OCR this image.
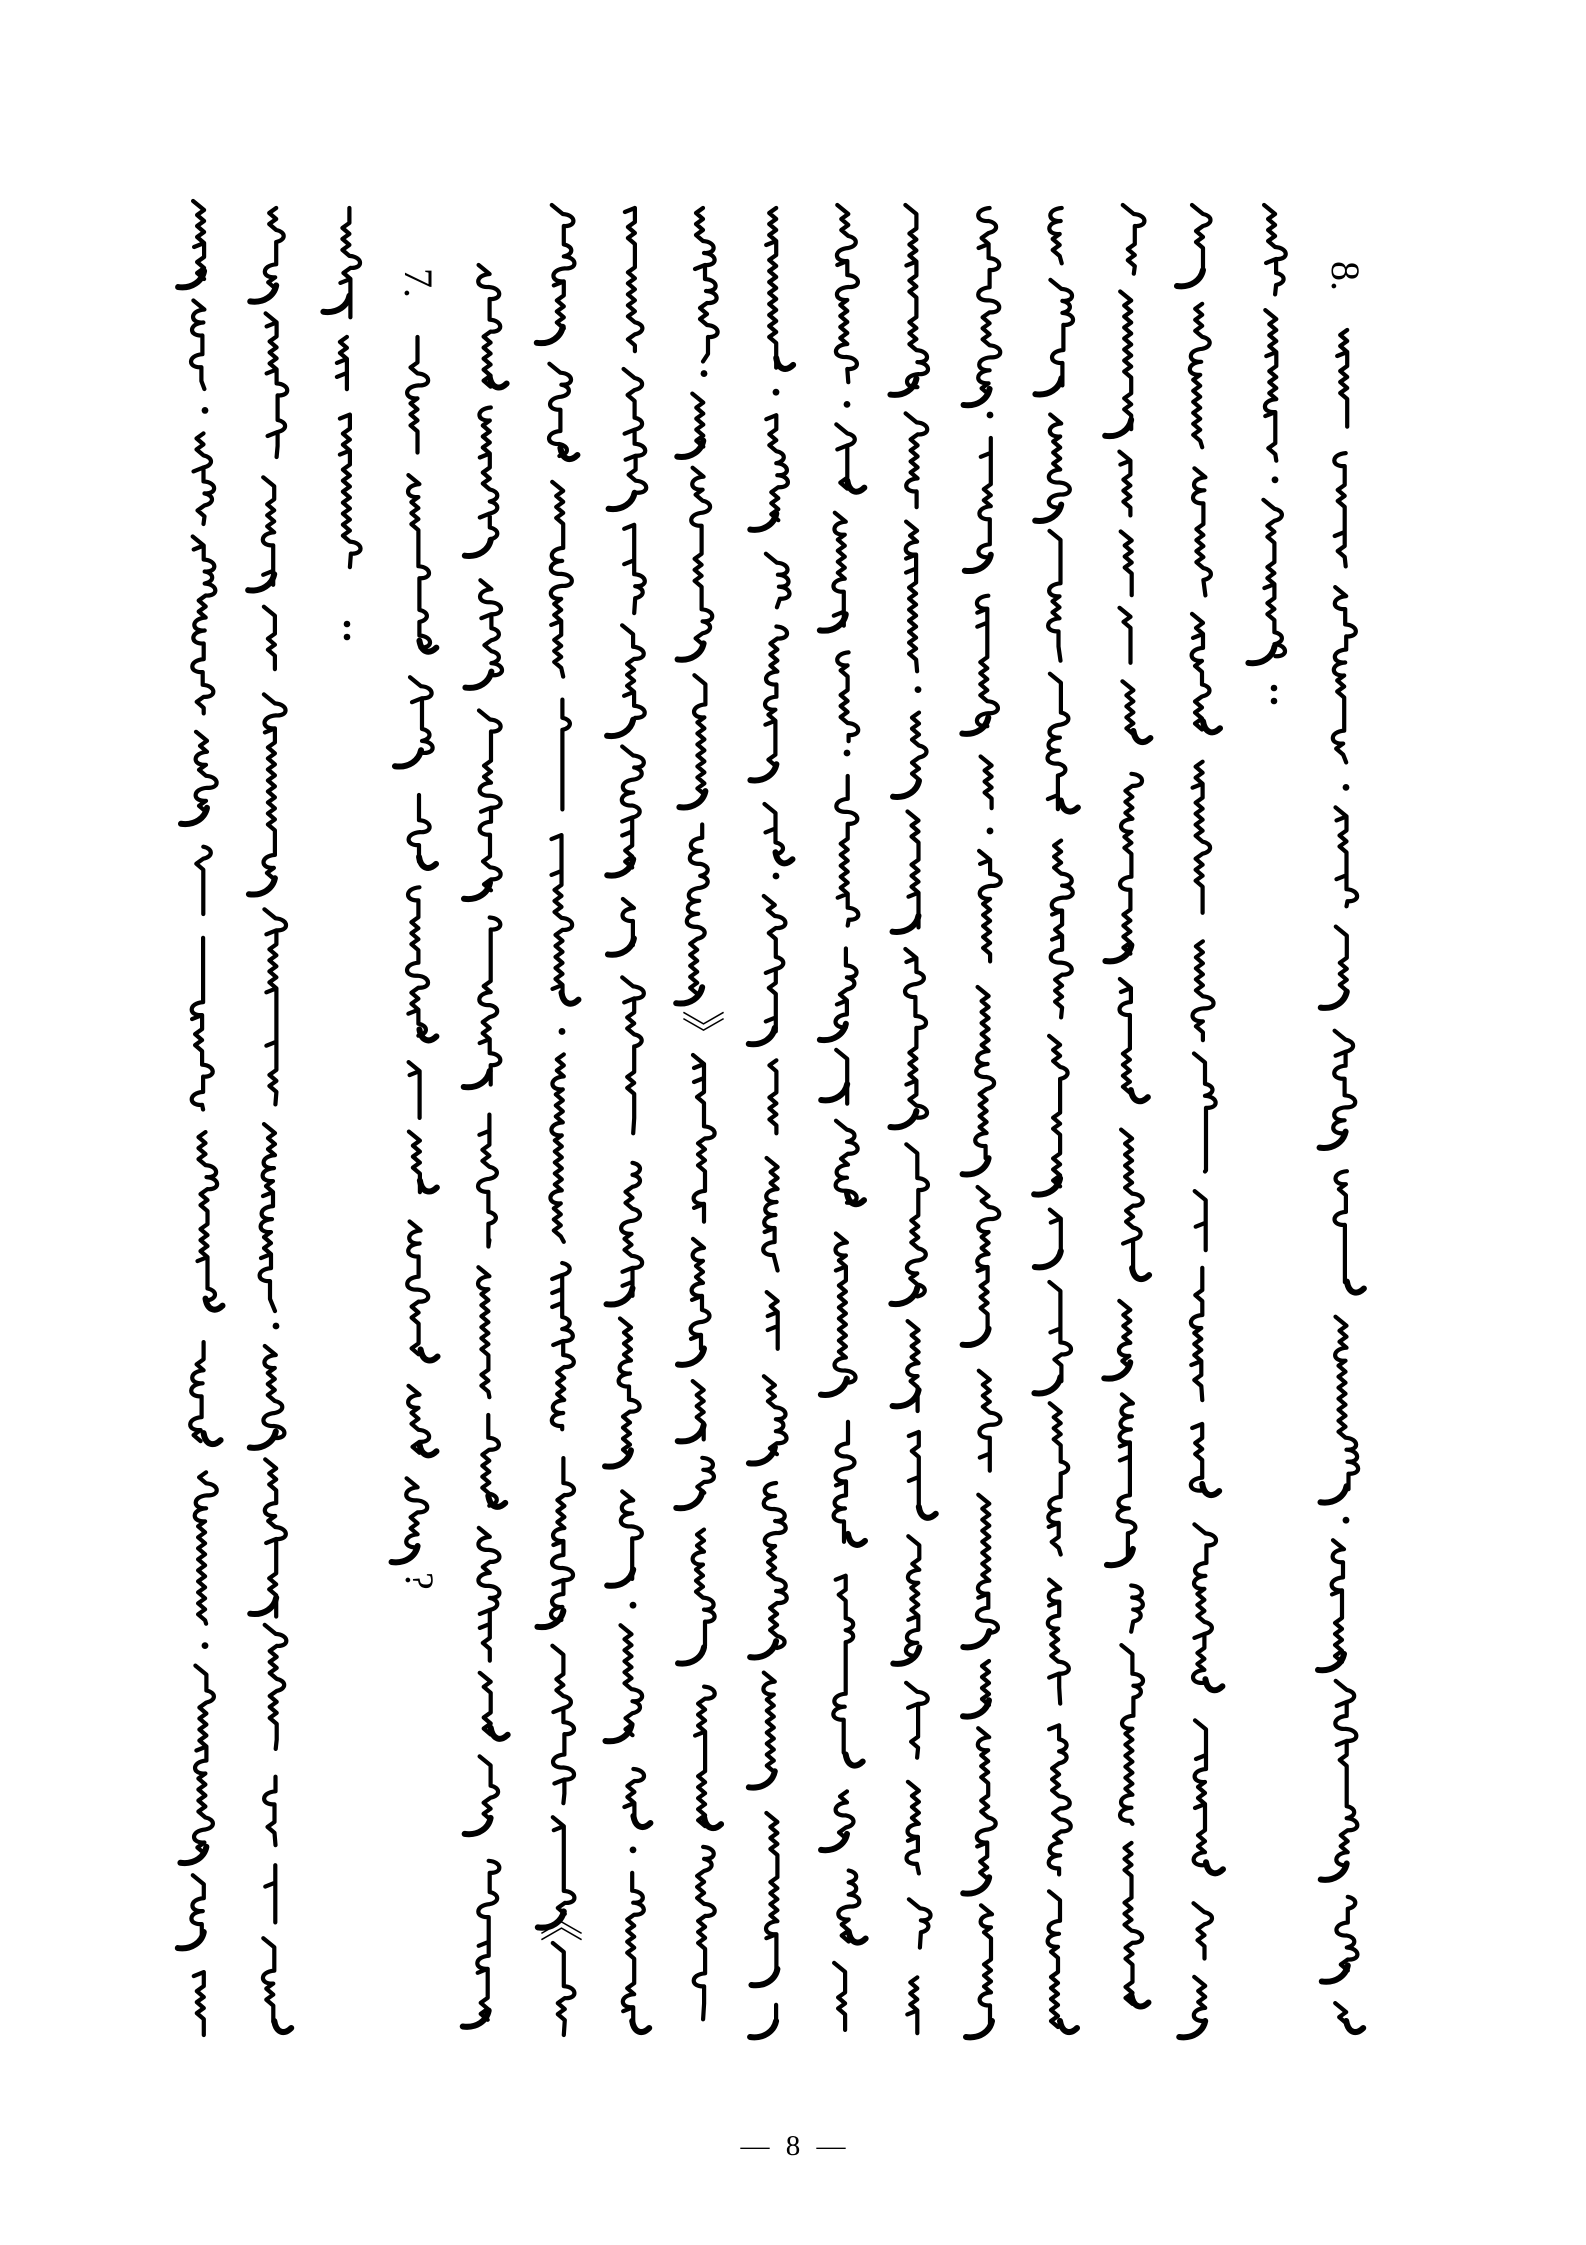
7.
?
《
》
8.
— 8 —
